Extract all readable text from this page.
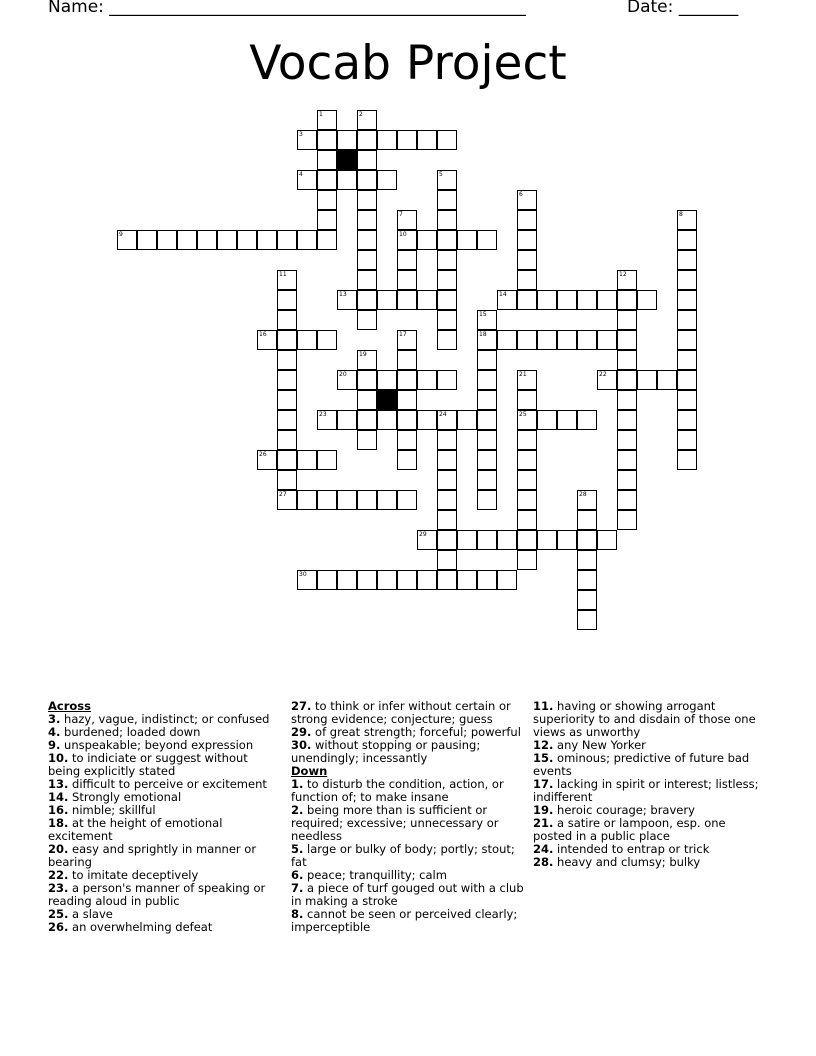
Name: _________________________________________________	Date: _______
Vocab Project
1	2
3
4	5
6
7	8
9	10
11	12
13	14
15
16	17	18
19
20	21	22
23	24	25
26
27	28
29
30
Across
3. hazy, vague, indistinct; or confused
4. burdened; loaded down
9. unspeakable; beyond expression
10. to indiciate or suggest without being explicitly stated
13. difficult to perceive or excitement
14. Strongly emotional
16. nimble; skillful
18. at the height of emotional excitement
20. easy and sprightly in manner or bearing
22. to imitate deceptively
23. a person's manner of speaking or reading aloud in public
25. a slave
26. an overwhelming defeat
27. to think or infer without certain or strong evidence; conjecture; guess
29. of great strength; forceful; powerful
30. without stopping or pausing; unendingly; incessantly
Down
1. to disturb the condition, action, or function of; to make insane
2. being more than is sufficient or required; excessive; unnecessary or needless
5. large or bulky of body; portly; stout; fat
6. peace; tranquillity; calm
7. a piece of turf gouged out with a club in making a stroke
8. cannot be seen or perceived clearly; imperceptible
11. having or showing arrogant superiority to and disdain of those one views as unworthy
12. any New Yorker
15. ominous; predictive of future bad events
17. lacking in spirit or interest; listless; indifferent
19. heroic courage; bravery
21. a satire or lampoon, esp. one posted in a public place
24. intended to entrap or trick
28. heavy and clumsy; bulky
